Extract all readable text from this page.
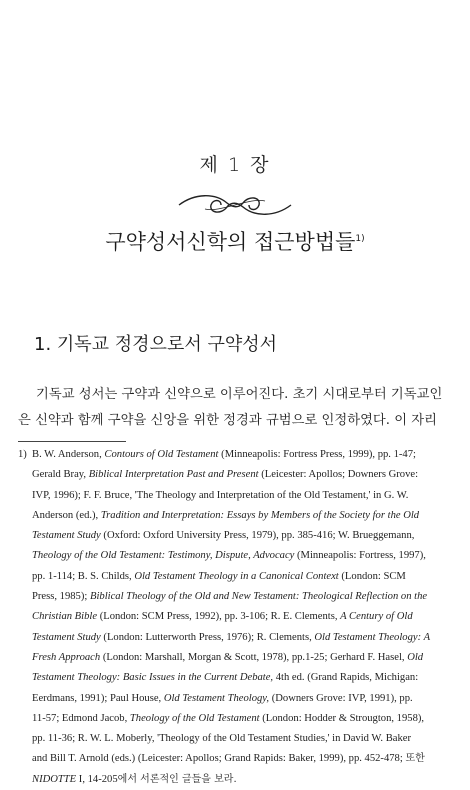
제 1 장
구약성서신학의 접근방법들$^{1)}$
1. 기독교 정경으로서 구약성서
기독교 성서는 구약과 신약으로 이루어진다. 초기 시대로부터 기독교인
은 신약과 함께 구약을 신앙을 위한 정경과 규범으로 인정하였다. 이 자리
1) B. W. Anderson, Contours of Old Testament (Minneapolis: Fortress Press, 1999), pp. 1-47;
Gerald Bray, Biblical Interpretation Past and Present (Leicester: Apollos; Downers Grove:
IVP, 1996); F. F. Bruce, 'The Theology and Interpretation of the Old Testament,' in G. W.
Anderson (ed.), Tradition and Interpretation: Essays by Members of the Society for the Old
Testament Study (Oxford: Oxford University Press, 1979), pp. 385-416; W. Brueggemann,
Theology of the Old Testament: Testimony, Dispute, Advocacy (Minneapolis: Fortress, 1997),
pp. 1-114; B. S. Childs, Old Testament Theology in a Canonical Context (London: SCM
Press, 1985); Biblical Theology of the Old and New Testament: Theological Reflection on the
Christian Bible (London: SCM Press, 1992), pp. 3-106; R. E. Clements, A Century of Old
Testament Study (London: Lutterworth Press, 1976); R. Clements, Old Testament Theology: A
Fresh Approach (London: Marshall, Morgan & Scott, 1978), pp.1-25; Gerhard F. Hasel, Old
Testament Theology: Basic Issues in the Current Debate, 4th ed. (Grand Rapids, Michigan:
Eerdmans, 1991); Paul House, Old Testament Theology, (Downers Grove: IVP, 1991), pp.
11-57; Edmond Jacob, Theology of the Old Testament (London: Hodder & Strougton, 1958),
pp. 11-36; R. W. L. Moberly, 'Theology of the Old Testament Studies,' in David W. Baker
and Bill T. Arnold (eds.) (Leicester: Apollos; Grand Rapids: Baker, 1999), pp. 452-478; 또한
NIDOTTE I, 14-205에서 서론적인 글들을 보라.
